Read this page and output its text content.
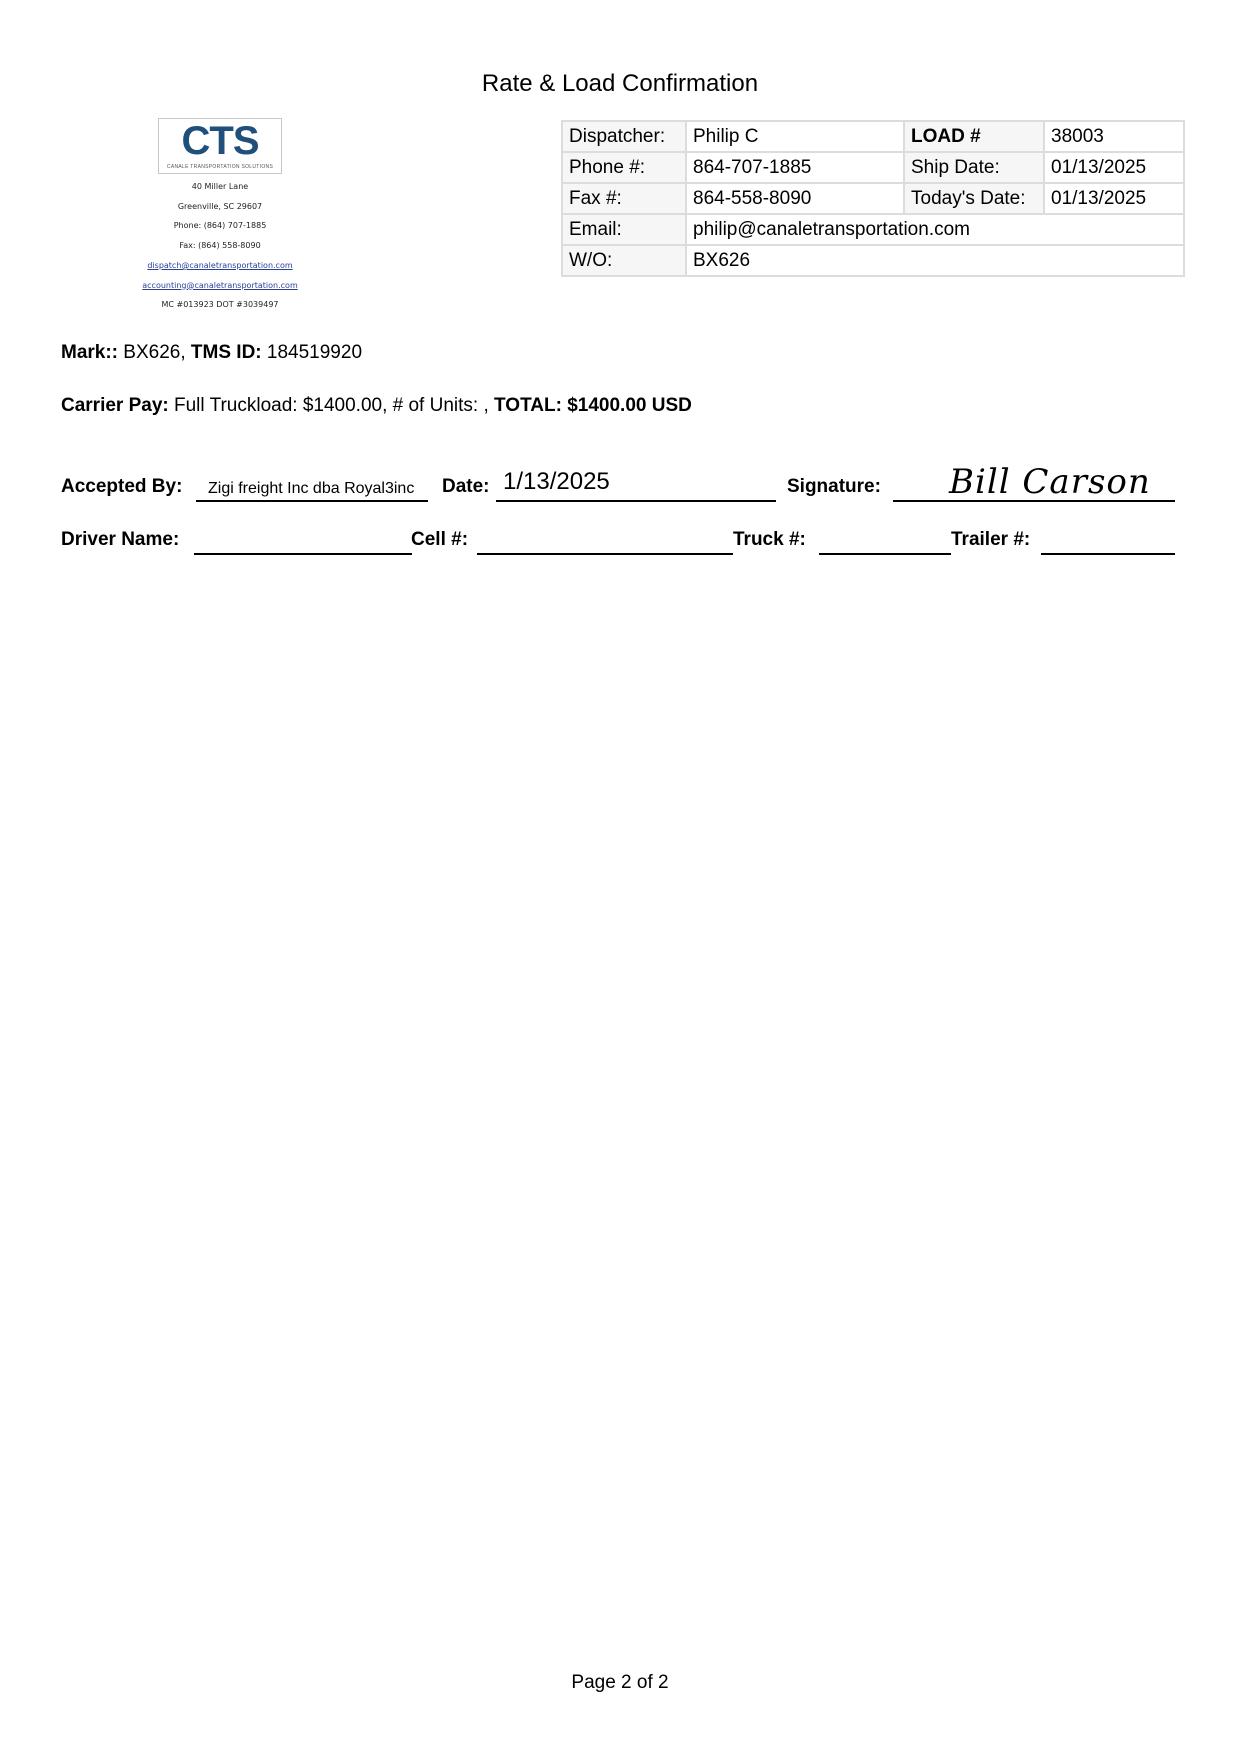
Rate & Load Confirmation
CTS
CANALE TRANSPORTATION SOLUTIONS
40 Miller Lane
Greenville, SC 29607
Phone: (864) 707-1885
Fax: (864) 558-8090
dispatch@canaletransportation.com
accounting@canaletransportation.com
MC #013923 DOT #3039497
Dispatcher:	Philip C	LOAD #	38003
Phone #:	864-707-1885	Ship Date:	01/13/2025
Fax #:	864-558-8090	Today's Date:	01/13/2025
Email:	philip@canaletransportation.com		
W/O:	BX626		
Mark:: BX626, TMS ID: 184519920
Carrier Pay: Full Truckload: $1400.00, # of Units: , TOTAL: $1400.00 USD
Accepted By: Zigi freight Inc dba Royal3inc Date: 1/13/2025	Signature: Bill Carson
Driver Name:	Cell #:	Truck #:	Trailer #:
Page 2 of 2
